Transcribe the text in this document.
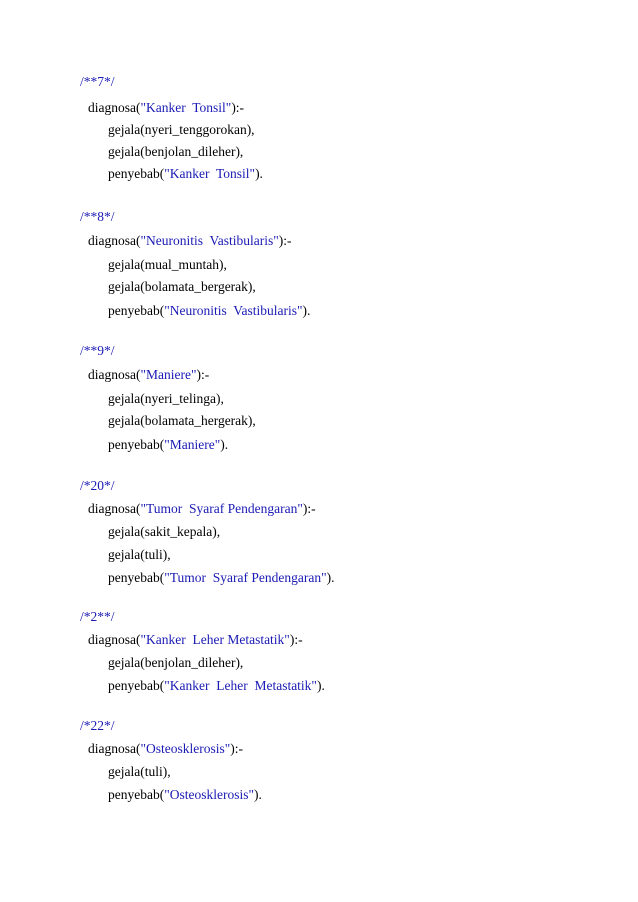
/**7*/
diagnosa("Kanker  Tonsil"):-
gejala(nyeri_tenggorokan),
gejala(benjolan_dileher),
penyebab("Kanker  Tonsil").
/**8*/
diagnosa("Neuronitis  Vastibularis"):-
gejala(mual_muntah),
gejala(bolamata_bergerak),
penyebab("Neuronitis  Vastibularis").
/**9*/
diagnosa("Maniere"):-
gejala(nyeri_telinga),
gejala(bolamata_hergerak),
penyebab("Maniere").
/*20*/
diagnosa("Tumor  Syaraf Pendengaran"):-
gejala(sakit_kepala),
gejala(tuli),
penyebab("Tumor  Syaraf Pendengaran").
/*2**/
diagnosa("Kanker  Leher Metastatik"):-
gejala(benjolan_dileher),
penyebab("Kanker  Leher  Metastatik").
/*22*/
diagnosa("Osteosklerosis"):-
gejala(tuli),
penyebab("Osteosklerosis").
